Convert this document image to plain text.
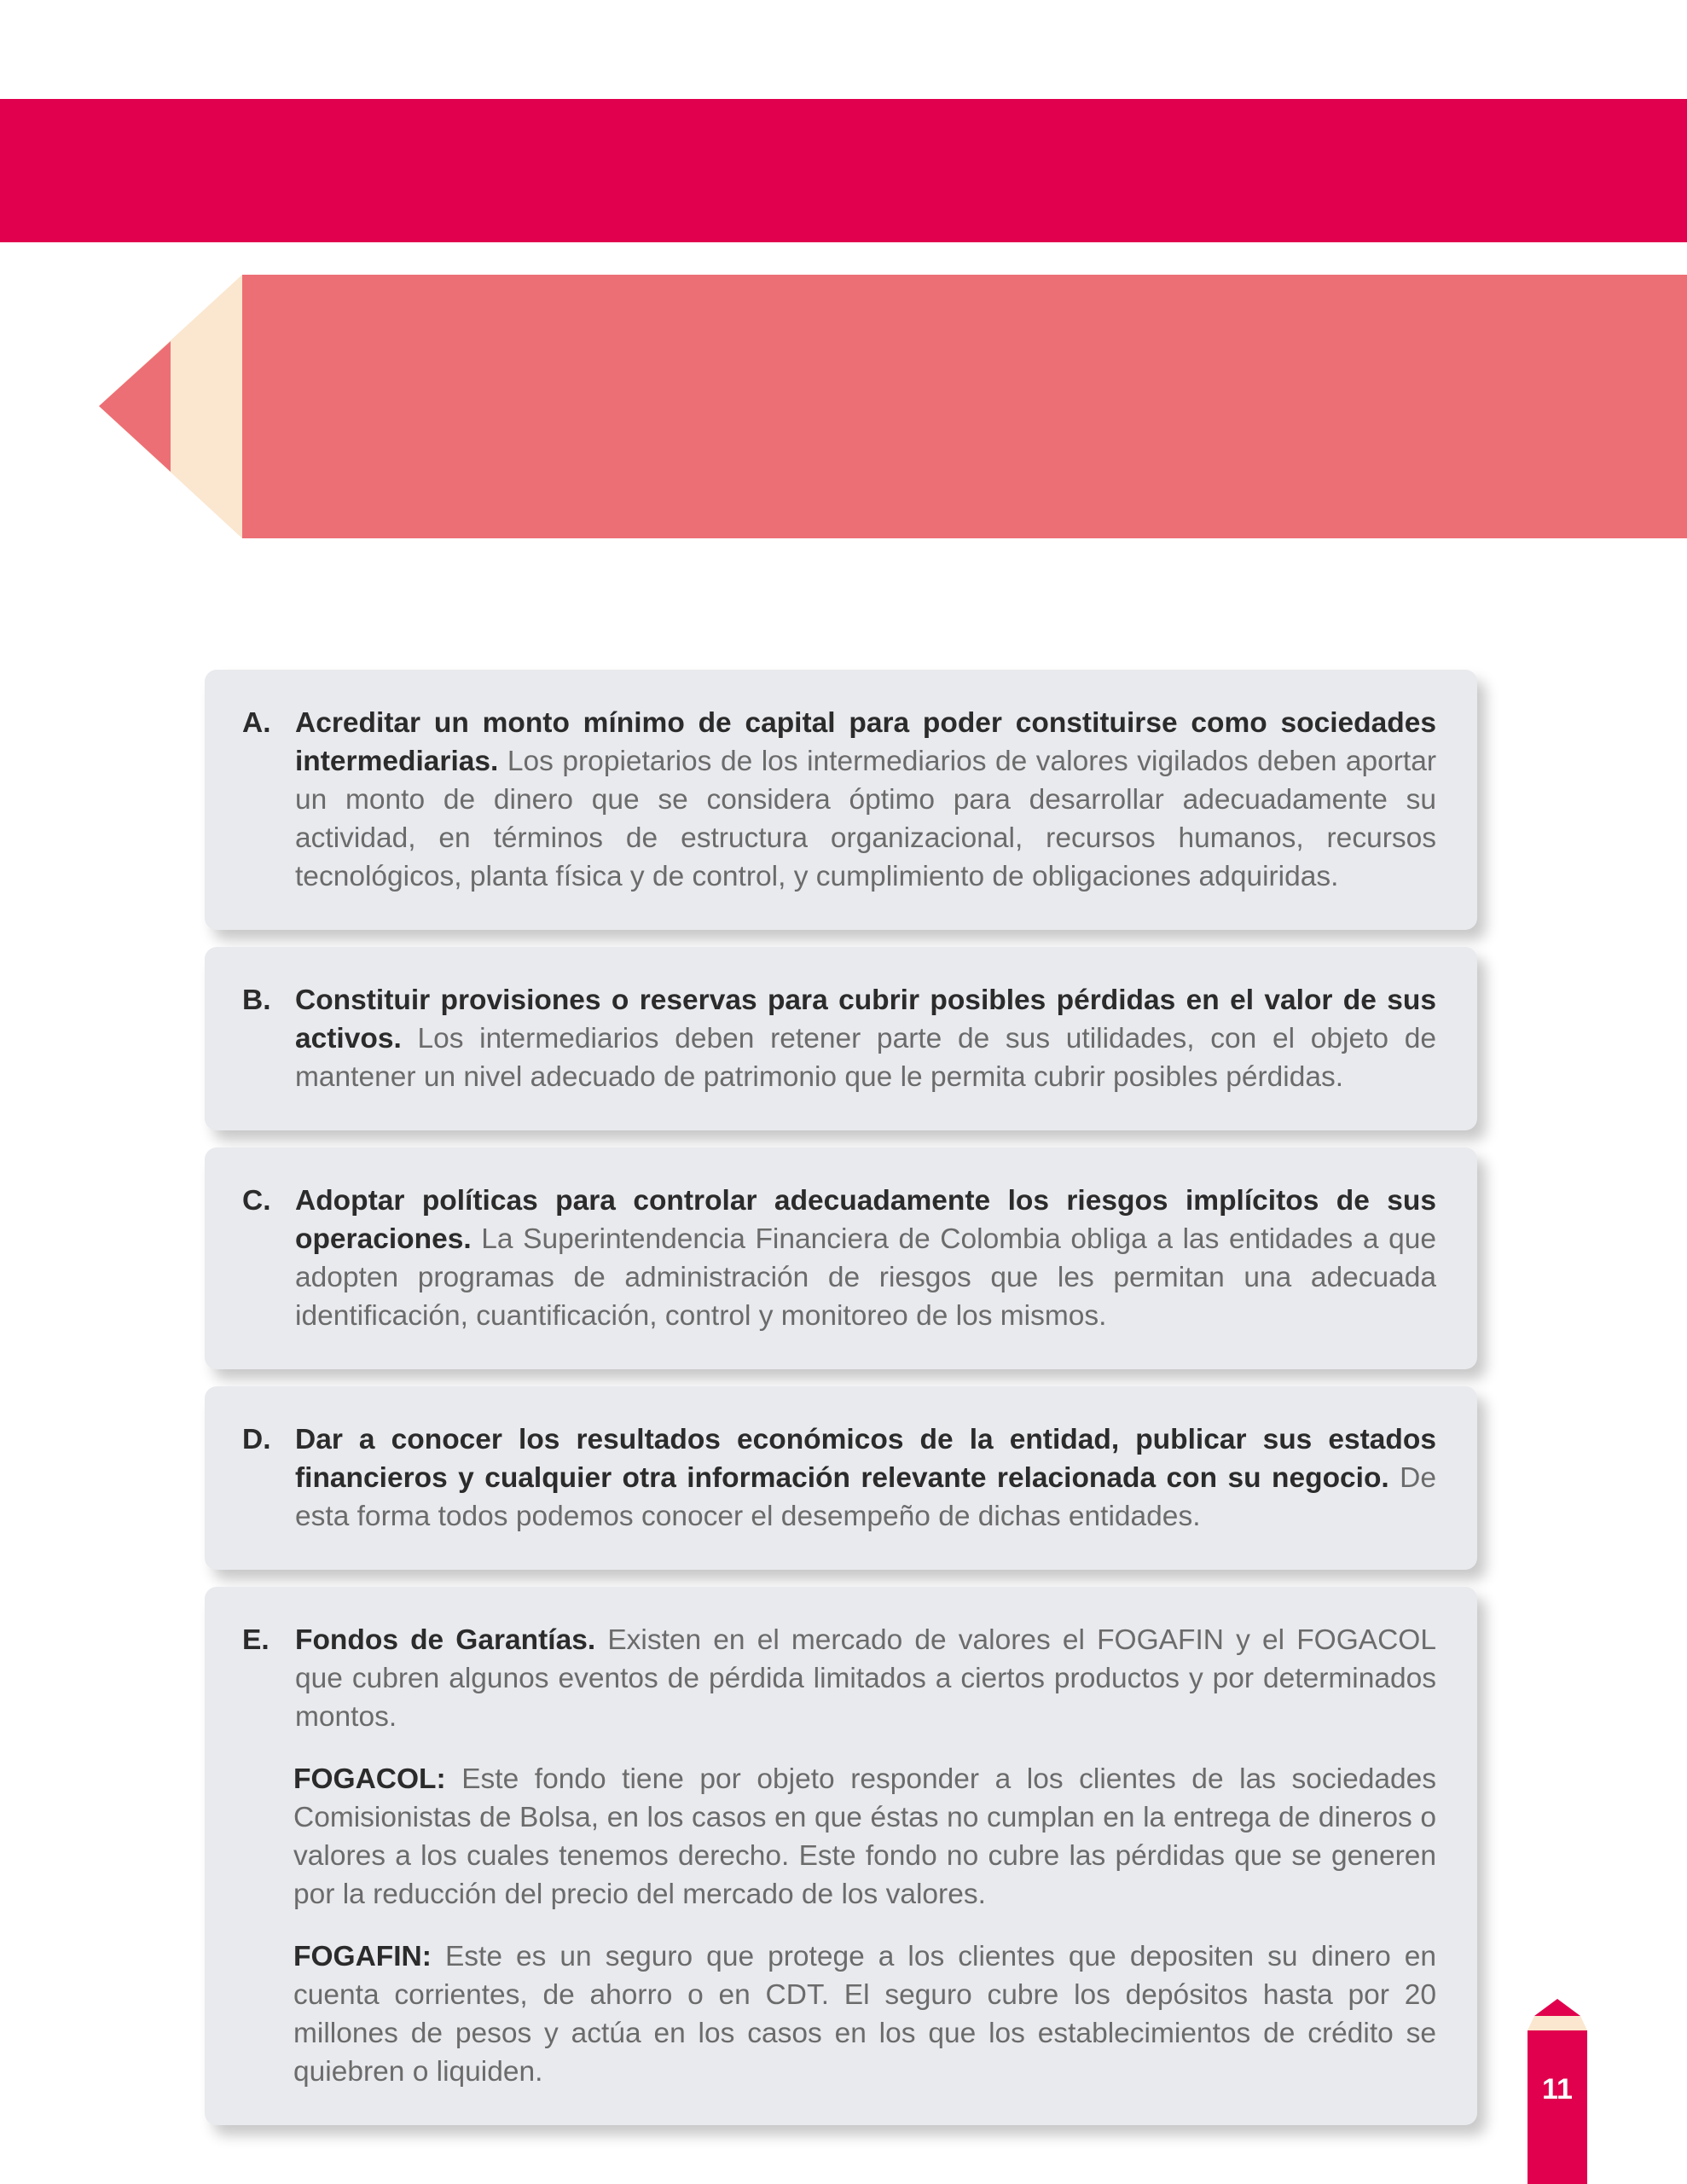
A. Acreditar un monto mínimo de capital para poder constituirse como sociedades intermediarias. Los propietarios de los intermediarios de valores vigilados deben aportar un monto de dinero que se considera óptimo para desarrollar adecuadamente su actividad, en términos de estructura organizacional, recursos humanos, recursos tecnológicos, planta física y de control, y cumplimiento de obligaciones adquiridas.
B. Constituir provisiones o reservas para cubrir posibles pérdidas en el valor de sus activos. Los intermediarios deben retener parte de sus utilidades, con el objeto de mantener un nivel adecuado de patrimonio que le permita cubrir posibles pérdidas.
C. Adoptar políticas para controlar adecuadamente los riesgos implícitos de sus operaciones. La Superintendencia Financiera de Colombia obliga a las entidades a que adopten programas de administración de riesgos que les permitan una adecuada identificación, cuantificación, control y monitoreo de los mismos.
D. Dar a conocer los resultados económicos de la entidad, publicar sus estados financieros y cualquier otra información relevante relacionada con su negocio. De esta forma todos podemos conocer el desempeño de dichas entidades.
E. Fondos de Garantías. Existen en el mercado de valores el FOGAFIN y el FOGACOL que cubren algunos eventos de pérdida limitados a ciertos productos y por determinados montos.
FOGACOL: Este fondo tiene por objeto responder a los clientes de las sociedades Comisionistas de Bolsa, en los casos en que éstas no cumplan en la entrega de dineros o valores a los cuales tenemos derecho. Este fondo no cubre las pérdidas que se generen por la reducción del precio del mercado de los valores.
FOGAFIN: Este es un seguro que protege a los clientes que depositen su dinero en cuenta corrientes, de ahorro o en CDT. El seguro cubre los depósitos hasta por 20 millones de pesos y actúa en los casos en los que los establecimientos de crédito se quiebren o liquiden.
11
